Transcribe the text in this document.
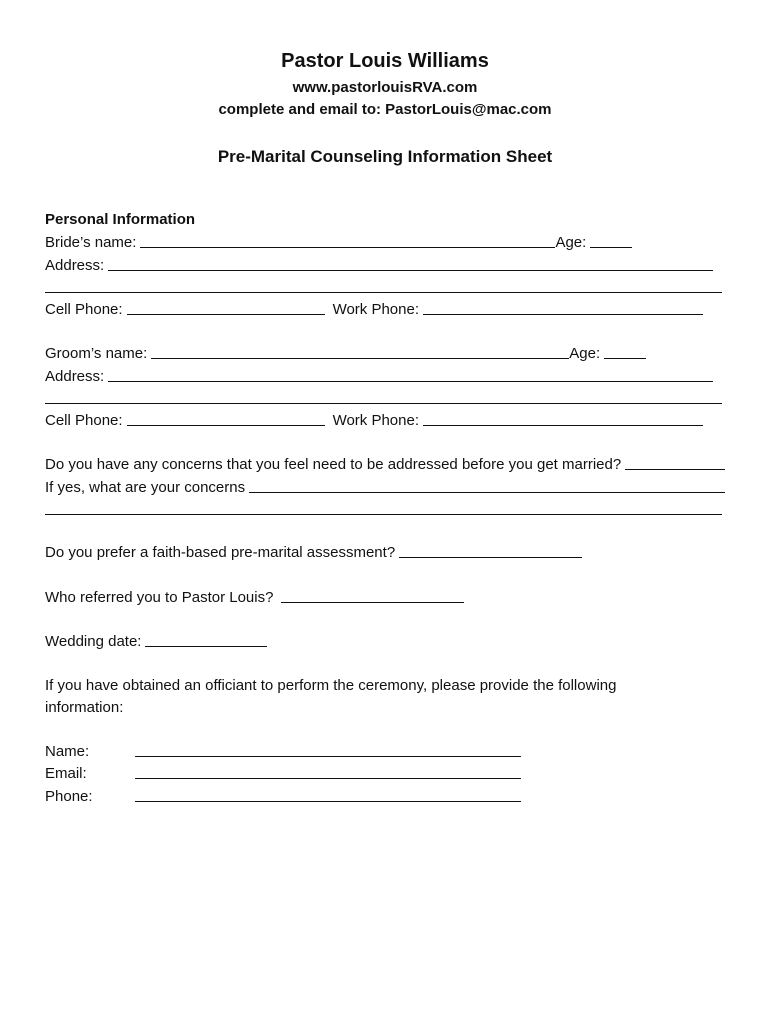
Pastor Louis Williams
www.pastorlouisRVA.com
complete and email to: PastorLouis@mac.com
Pre-Marital Counseling Information Sheet
Personal Information
Bride’s name:	Age:
Address:
Cell Phone:	Work Phone:
Groom’s name:	Age:
Address:
Cell Phone:	Work Phone:
Do you have any concerns that you feel need to be addressed before you get married?
If yes, what are your concerns
Do you prefer a faith-based pre-marital assessment?
Who referred you to Pastor Louis?
Wedding date:
If you have obtained an officiant to perform the ceremony, please provide the following
information:
Name:
Email:
Phone:
